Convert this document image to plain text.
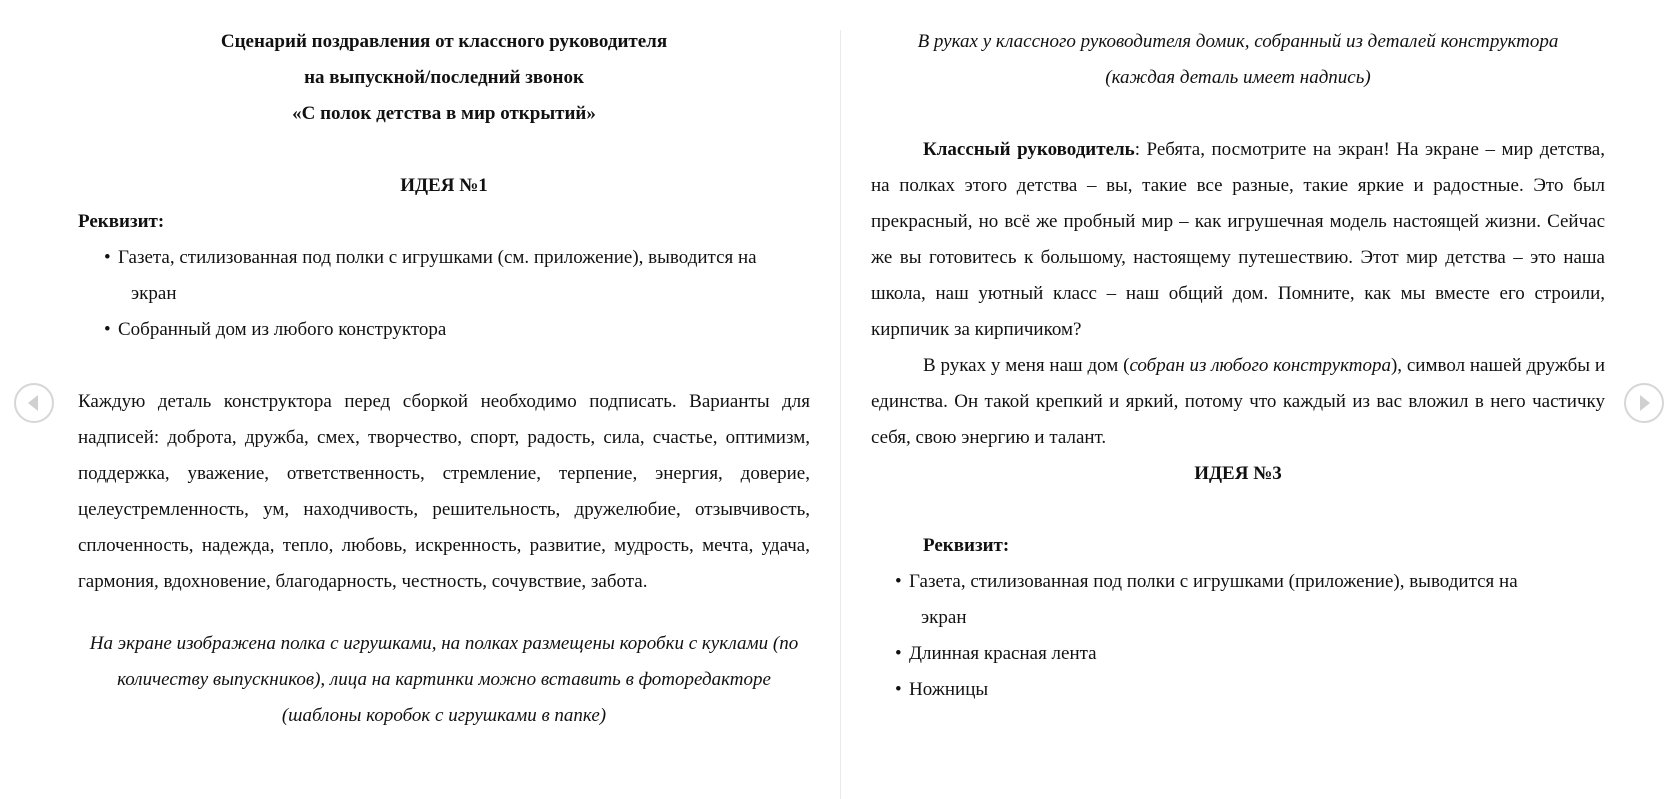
Сценарий поздравления от классного руководителя

на выпускной/последний звонок

«С полок детства в мир открытий»

ИДЕЯ №1

Реквизит:

• Газета, стилизованная под полки с игрушками (см. приложение), выводится на
экран
• Собранный дом из любого конструктора

Каждую деталь конструктора перед сборкой необходимо подписать. Варианты для надписей: доброта, дружба, смех, творчество, спорт, радость, сила, счастье, оптимизм, поддержка, уважение, ответственность, стремление, терпение, энергия, доверие, целеустремленность, ум, находчивость, решительность, дружелюбие, отзывчивость, сплоченность, надежда, тепло, любовь, искренность, развитие, мудрость, мечта, удача, гармония, вдохновение, благодарность, честность, сочувствие, забота.

На экране изображена полка с игрушками, на полках размещены коробки с куклами (по количеству выпускников), лица на картинки можно вставить в фоторедакторе (шаблоны коробок с игрушками в папке)

В руках у классного руководителя домик, собранный из деталей конструктора

(каждая деталь имеет надпись)

Классный руководитель: Ребята, посмотрите на экран! На экране – мир детства, на полках этого детства – вы, такие все разные, такие яркие и радостные. Это был прекрасный, но всё же пробный мир – как игрушечная модель настоящей жизни. Сейчас же вы готовитесь к большому, настоящему путешествию. Этот мир детства – это наша школа, наш уютный класс – наш общий дом. Помните, как мы вместе его строили, кирпичик за кирпичиком?

В руках у меня наш дом (собран из любого конструктора), символ нашей дружбы и единства. Он такой крепкий и яркий, потому что каждый из вас вложил в него частичку себя, свою энергию и талант.

ИДЕЯ №3

Реквизит:

• Газета, стилизованная под полки с игрушками (приложение), выводится на
экран
• Длинная красная лента
• Ножницы
